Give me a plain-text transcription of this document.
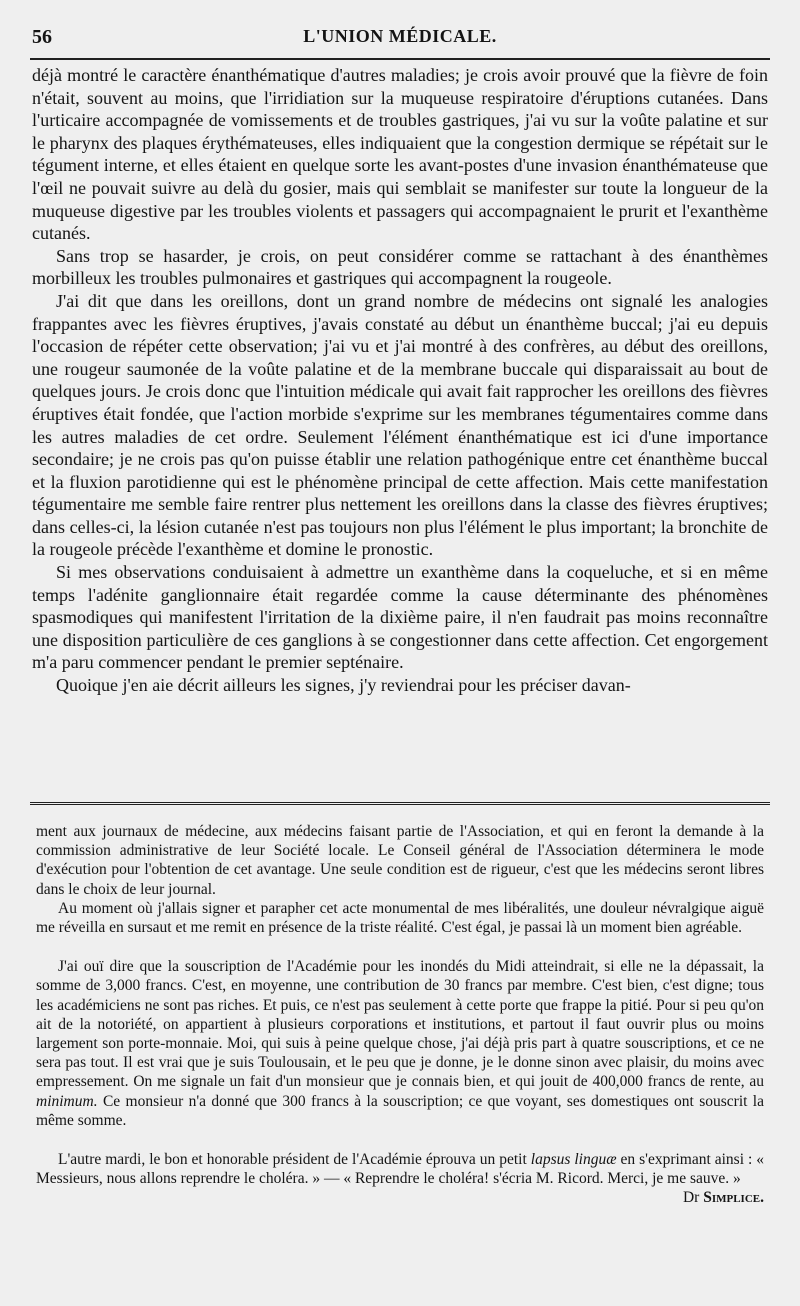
56	L'UNION MÉDICALE.

déjà montré le caractère énanthématique d'autres maladies; je crois avoir prouvé que la fièvre de foin n'était, souvent au moins, que l'irridiation sur la muqueuse respiratoire d'éruptions cutanées. Dans l'urticaire accompagnée de vomissements et de troubles gastriques, j'ai vu sur la voûte palatine et sur le pharynx des plaques érythémateuses, elles indiquaient que la congestion dermique se répétait sur le tégument interne, et elles étaient en quelque sorte les avant-postes d'une invasion énanthémateuse que l'œil ne pouvait suivre au delà du gosier, mais qui semblait se manifester sur toute la longueur de la muqueuse digestive par les troubles violents et passagers qui accompagnaient le prurit et l'exanthème cutanés.

Sans trop se hasarder, je crois, on peut considérer comme se rattachant à des énanthèmes morbilleux les troubles pulmonaires et gastriques qui accompagnent la rougeole.

J'ai dit que dans les oreillons, dont un grand nombre de médecins ont signalé les analogies frappantes avec les fièvres éruptives, j'avais constaté au début un énanthème buccal; j'ai eu depuis l'occasion de répéter cette observation; j'ai vu et j'ai montré à des confrères, au début des oreillons, une rougeur saumonée de la voûte palatine et de la membrane buccale qui disparaissait au bout de quelques jours. Je crois donc que l'intuition médicale qui avait fait rapprocher les oreillons des fièvres éruptives était fondée, que l'action morbide s'exprime sur les membranes tégumentaires comme dans les autres maladies de cet ordre. Seulement l'élément énanthématique est ici d'une importance secondaire; je ne crois pas qu'on puisse établir une relation pathogénique entre cet énanthème buccal et la fluxion parotidienne qui est le phénomène principal de cette affection. Mais cette manifestation tégumentaire me semble faire rentrer plus nettement les oreillons dans la classe des fièvres éruptives; dans celles-ci, la lésion cutanée n'est pas toujours non plus l'élément le plus important; la bronchite de la rougeole précède l'exanthème et domine le pronostic.

Si mes observations conduisaient à admettre un exanthème dans la coqueluche, et si en même temps l'adénite ganglionnaire était regardée comme la cause déterminante des phénomènes spasmodiques qui manifestent l'irritation de la dixième paire, il n'en faudrait pas moins reconnaître une disposition particulière de ces ganglions à se congestionner dans cette affection. Cet engorgement m'a paru commencer pendant le premier septénaire.

Quoique j'en aie décrit ailleurs les signes, j'y reviendrai pour les préciser davan-

ment aux journaux de médecine, aux médecins faisant partie de l'Association, et qui en feront la demande à la commission administrative de leur Société locale. Le Conseil général de l'Association déterminera le mode d'exécution pour l'obtention de cet avantage. Une seule condition est de rigueur, c'est que les médecins seront libres dans le choix de leur journal.

Au moment où j'allais signer et parapher cet acte monumental de mes libéralités, une douleur névralgique aiguë me réveilla en sursaut et me remit en présence de la triste réalité. C'est égal, je passai là un moment bien agréable.

J'ai ouï dire que la souscription de l'Académie pour les inondés du Midi atteindrait, si elle ne la dépassait, la somme de 3,000 francs. C'est, en moyenne, une contribution de 30 francs par membre. C'est bien, c'est digne; tous les académiciens ne sont pas riches. Et puis, ce n'est pas seulement à cette porte que frappe la pitié. Pour si peu qu'on ait de la notoriété, on appartient à plusieurs corporations et institutions, et partout il faut ouvrir plus ou moins largement son porte-monnaie. Moi, qui suis à peine quelque chose, j'ai déjà pris part à quatre souscriptions, et ce ne sera pas tout. Il est vrai que je suis Toulousain, et le peu que je donne, je le donne sinon avec plaisir, du moins avec empressement. On me signale un fait d'un monsieur que je connais bien, et qui jouit de 400,000 francs de rente, au minimum. Ce monsieur n'a donné que 300 francs à la souscription; ce que voyant, ses domestiques ont souscrit la même somme.

L'autre mardi, le bon et honorable président de l'Académie éprouva un petit lapsus linguæ en s'exprimant ainsi : « Messieurs, nous allons reprendre le choléra. » — « Reprendre le choléra! s'écria M. Ricord. Merci, je me sauve. »

Dr Simplice.
